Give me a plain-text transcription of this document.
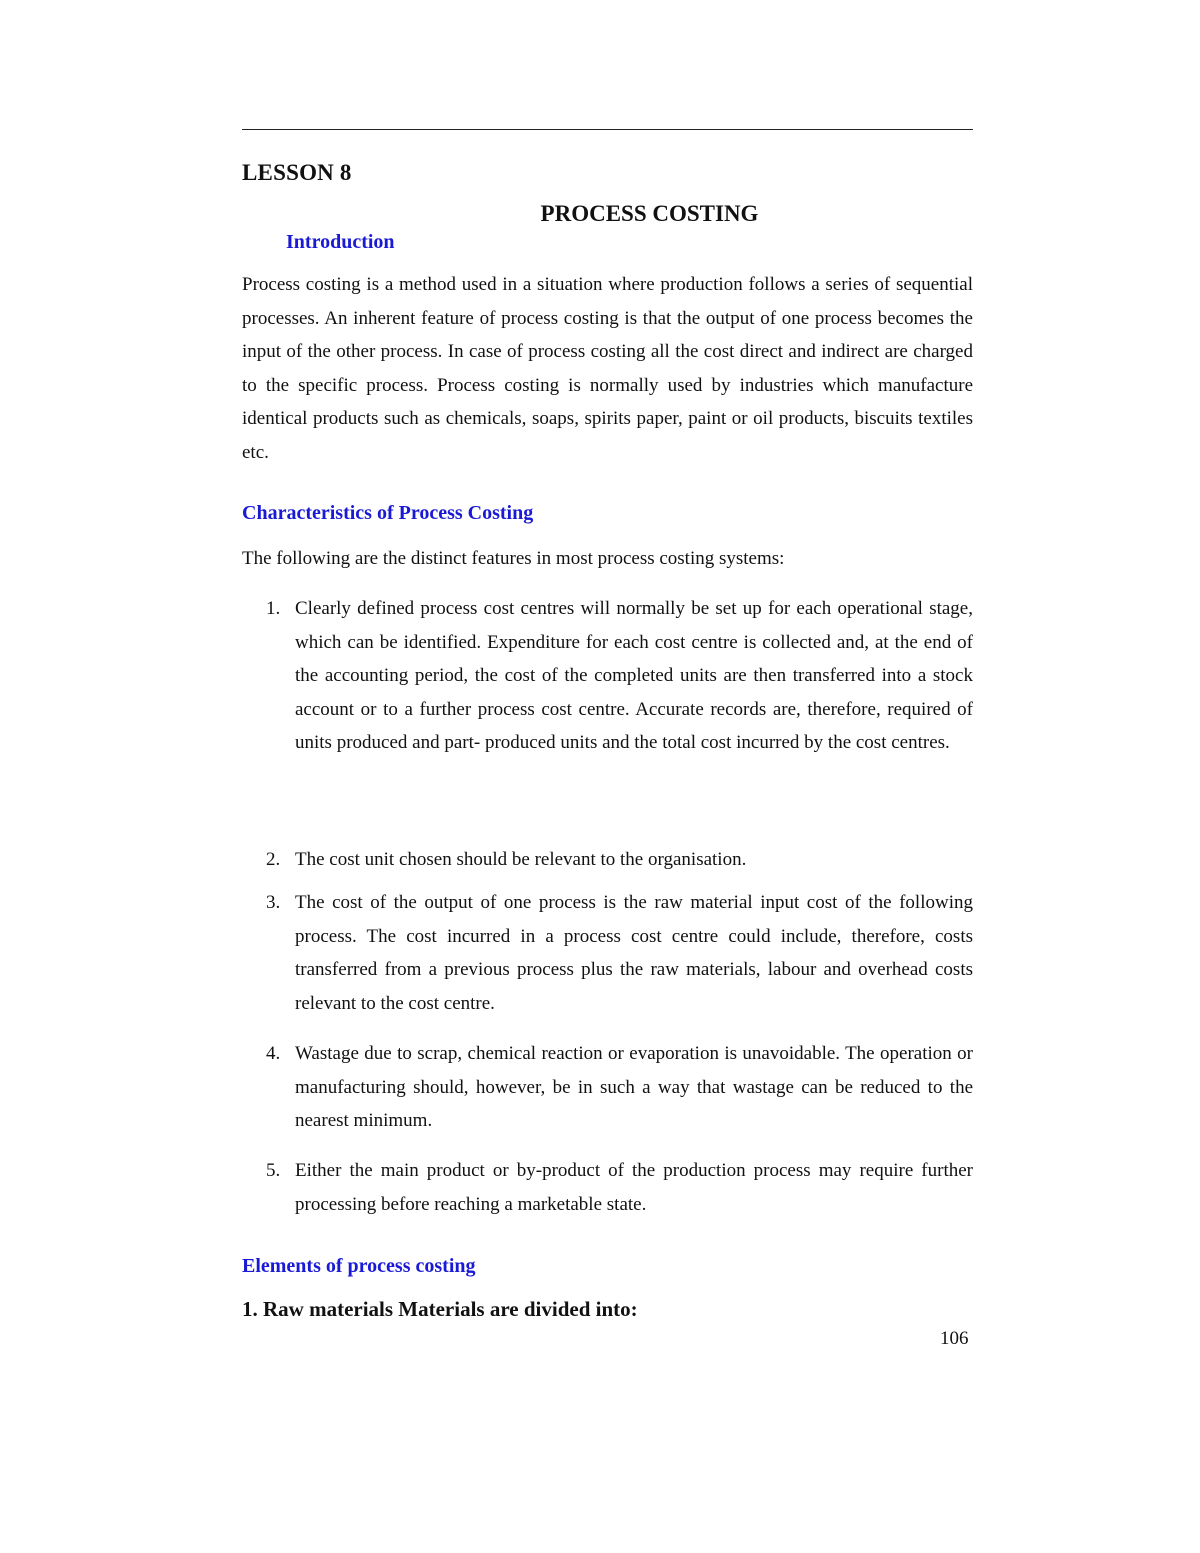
LESSON 8
PROCESS COSTING
Introduction
Process costing is a method used in a situation where production follows a series of sequential processes. An inherent feature of process costing is that the output of one process becomes the input of the other process. In case of process costing all the cost direct and indirect are charged to the specific process. Process costing is normally used by industries which manufacture identical products such as chemicals, soaps, spirits paper, paint or oil products, biscuits textiles etc.
Characteristics of Process Costing
The following are the distinct features in most process costing systems:
1. Clearly defined process cost centres will normally be set up for each operational stage, which can be identified. Expenditure for each cost centre is collected and, at the end of the accounting period, the cost of the completed units are then transferred into a stock account or to a further process cost centre. Accurate records are, therefore, required of units produced and part- produced units and the total cost incurred by the cost centres.
2. The cost unit chosen should be relevant to the organisation.
3. The cost of the output of one process is the raw material input cost of the following process. The cost incurred in a process cost centre could include, therefore, costs transferred from a previous process plus the raw materials, labour and overhead costs relevant to the cost centre.
4. Wastage due to scrap, chemical reaction or evaporation is unavoidable. The operation or manufacturing should, however, be in such a way that wastage can be reduced to the nearest minimum.
5. Either the main product or by-product of the production process may require further processing before reaching a marketable state.
Elements of process costing
1. Raw materials Materials are divided into:
106
